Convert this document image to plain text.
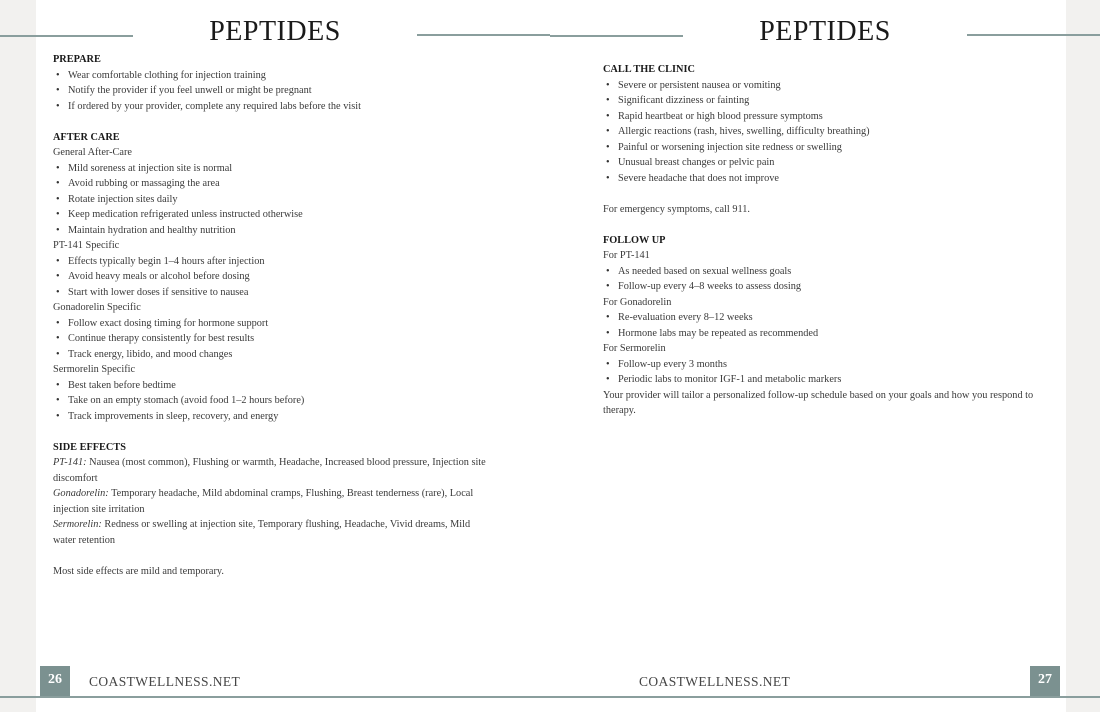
PEPTIDES	PEPTIDES
PREPARE
• Wear comfortable clothing for injection training
• Notify the provider if you feel unwell or might be pregnant
• If ordered by your provider, complete any required labs before the visit
AFTER CARE
General After-Care
• Mild soreness at injection site is normal
• Avoid rubbing or massaging the area
• Rotate injection sites daily
• Keep medication refrigerated unless instructed otherwise
• Maintain hydration and healthy nutrition
PT-141 Specific
• Effects typically begin 1–4 hours after injection
• Avoid heavy meals or alcohol before dosing
• Start with lower doses if sensitive to nausea
Gonadorelin Specific
• Follow exact dosing timing for hormone support
• Continue therapy consistently for best results
• Track energy, libido, and mood changes
Sermorelin Specific
• Best taken before bedtime
• Take on an empty stomach (avoid food 1–2 hours before)
• Track improvements in sleep, recovery, and energy
SIDE EFFECTS
PT-141: Nausea (most common), Flushing or warmth, Headache, Increased blood pressure, Injection site discomfort
Gonadorelin: Temporary headache, Mild abdominal cramps, Flushing, Breast tenderness (rare), Local injection site irritation
Sermorelin: Redness or swelling at injection site, Temporary flushing, Headache, Vivid dreams, Mild water retention
Most side effects are mild and temporary.
CALL THE CLINIC
• Severe or persistent nausea or vomiting
• Significant dizziness or fainting
• Rapid heartbeat or high blood pressure symptoms
• Allergic reactions (rash, hives, swelling, difficulty breathing)
• Painful or worsening injection site redness or swelling
• Unusual breast changes or pelvic pain
• Severe headache that does not improve
For emergency symptoms, call 911.
FOLLOW UP
For PT-141
• As needed based on sexual wellness goals
• Follow-up every 4–8 weeks to assess dosing
For Gonadorelin
• Re-evaluation every 8–12 weeks
• Hormone labs may be repeated as recommended
For Sermorelin
• Follow-up every 3 months
• Periodic labs to monitor IGF-1 and metabolic markers
Your provider will tailor a personalized follow-up schedule based on your goals and how you respond to therapy.
26	COASTWELLNESS.NET	COASTWELLNESS.NET	27
